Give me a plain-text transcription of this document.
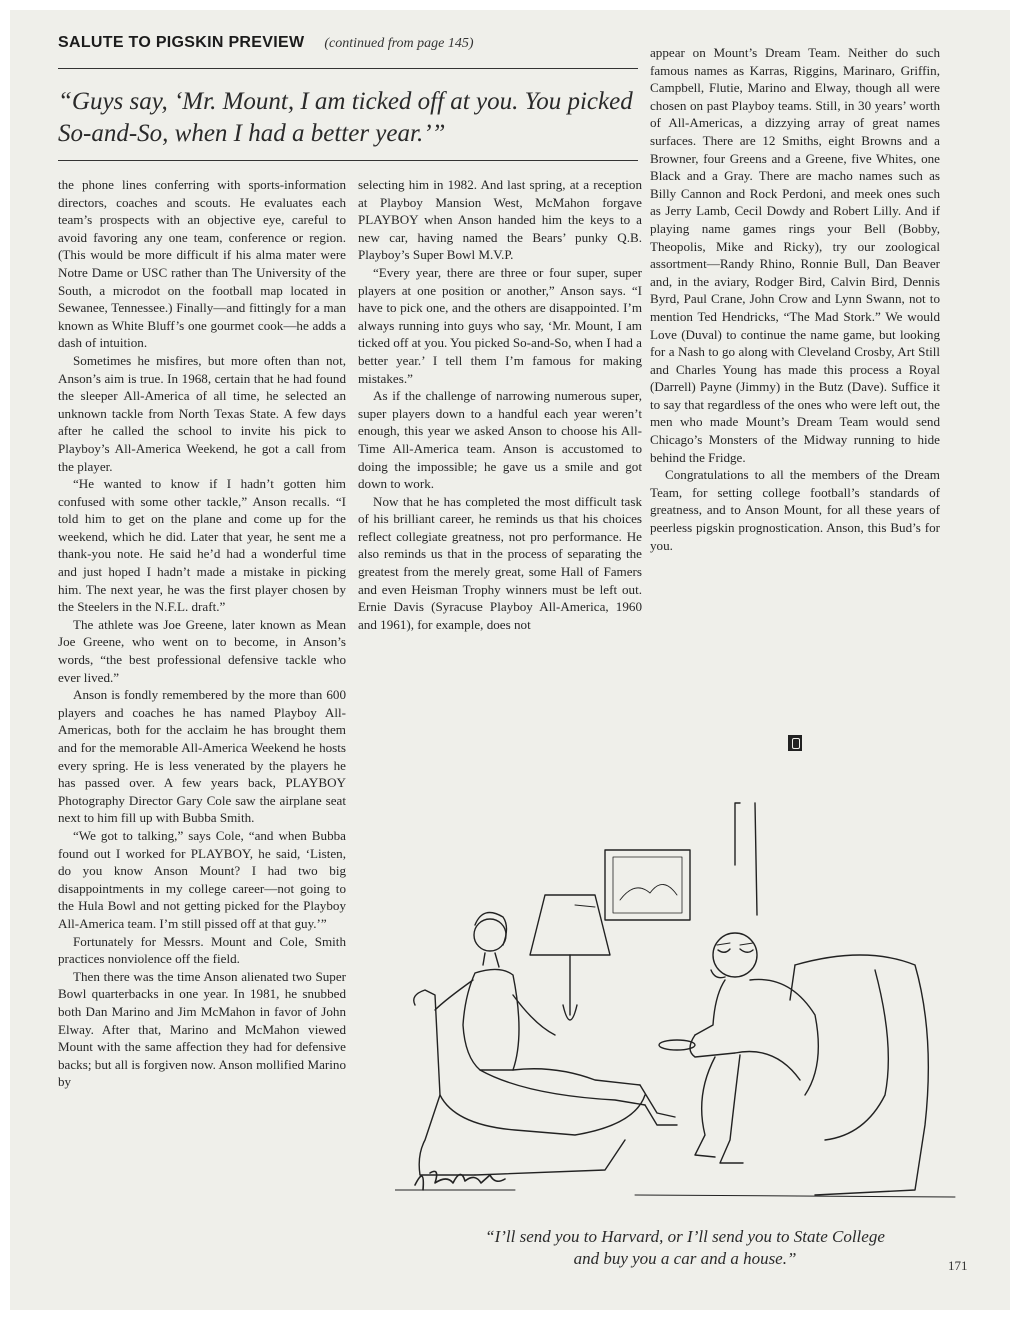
SALUTE TO PIGSKIN PREVIEW (continued from page 145)
“Guys say, ‘Mr. Mount, I am ticked off at you. You picked So-and-So, when I had a better year.’”

the phone lines conferring with sports-information directors, coaches and scouts. He evaluates each team’s prospects with an objective eye, careful to avoid favoring any one team, conference or region. (This would be more difficult if his alma mater were Notre Dame or USC rather than The University of the South, a microdot on the football map located in Sewanee, Tennessee.) Finally—and fittingly for a man known as White Bluff’s one gourmet cook—he adds a dash of intuition.

Sometimes he misfires, but more often than not, Anson’s aim is true. In 1968, certain that he had found the sleeper All-America of all time, he selected an unknown tackle from North Texas State. A few days after he called the school to invite his pick to Playboy’s All-America Weekend, he got a call from the player.

“He wanted to know if I hadn’t gotten him confused with some other tackle,” Anson recalls. “I told him to get on the plane and come up for the weekend, which he did. Later that year, he sent me a thank-you note. He said he’d had a wonderful time and just hoped I hadn’t made a mistake in picking him. The next year, he was the first player chosen by the Steelers in the N.F.L. draft.”

The athlete was Joe Greene, later known as Mean Joe Greene, who went on to become, in Anson’s words, “the best professional defensive tackle who ever lived.”

Anson is fondly remembered by the more than 600 players and coaches he has named Playboy All-Americas, both for the acclaim he has brought them and for the memorable All-America Weekend he hosts every spring. He is less venerated by the players he has passed over. A few years back, PLAYBOY Photography Director Gary Cole saw the airplane seat next to him fill up with Bubba Smith.

“We got to talking,” says Cole, “and when Bubba found out I worked for PLAYBOY, he said, ‘Listen, do you know Anson Mount? I had two big disappointments in my college career—not going to the Hula Bowl and not getting picked for the Playboy All-America team. I’m still pissed off at that guy.’”

Fortunately for Messrs. Mount and Cole, Smith practices nonviolence off the field.

Then there was the time Anson alienated two Super Bowl quarterbacks in one year. In 1981, he snubbed both Dan Marino and Jim McMahon in favor of John Elway. After that, Marino and McMahon viewed Mount with the same affection they had for defensive backs; but all is forgiven now. Anson mollified Marino by

selecting him in 1982. And last spring, at a reception at Playboy Mansion West, McMahon forgave PLAYBOY when Anson handed him the keys to a new car, having named the Bears’ punky Q.B. Playboy’s Super Bowl M.V.P.

“Every year, there are three or four super, super players at one position or another,” Anson says. “I have to pick one, and the others are disappointed. I’m always running into guys who say, ‘Mr. Mount, I am ticked off at you. You picked So-and-So, when I had a better year.’ I tell them I’m famous for making mistakes.”

As if the challenge of narrowing numerous super, super players down to a handful each year weren’t enough, this year we asked Anson to choose his All-Time All-America team. Anson is accustomed to doing the impossible; he gave us a smile and got down to work.

Now that he has completed the most difficult task of his brilliant career, he reminds us that his choices reflect collegiate greatness, not pro performance. He also reminds us that in the process of separating the greatest from the merely great, some Hall of Famers and even Heisman Trophy winners must be left out. Ernie Davis (Syracuse Playboy All-America, 1960 and 1961), for example, does not

appear on Mount’s Dream Team. Neither do such famous names as Karras, Riggins, Marinaro, Griffin, Campbell, Flutie, Marino and Elway, though all were chosen on past Playboy teams. Still, in 30 years’ worth of All-Americas, a dizzying array of great names surfaces. There are 12 Smiths, eight Browns and a Browner, four Greens and a Greene, five Whites, one Black and a Gray. There are macho names such as Billy Cannon and Rock Perdoni, and meek ones such as Jerry Lamb, Cecil Dowdy and Robert Lilly. And if playing name games rings your Bell (Bobby, Theopolis, Mike and Ricky), try our zoological assortment—Randy Rhino, Ronnie Bull, Dan Beaver and, in the aviary, Rodger Bird, Calvin Bird, Dennis Byrd, Paul Crane, John Crow and Lynn Swann, not to mention Ted Hendricks, “The Mad Stork.” We would Love (Duval) to continue the name game, but looking for a Nash to go along with Cleveland Crosby, Art Still and Charles Young has made this process a Royal (Darrell) Payne (Jimmy) in the Butz (Dave). Suffice it to say that regardless of the ones who were left out, the men who made Mount’s Dream Team would send Chicago’s Monsters of the Midway running to hide behind the Fridge.

Congratulations to all the members of the Dream Team, for setting college football’s standards of greatness, and to Anson Mount, for all these years of peerless pigskin prognostication. Anson, this Bud’s for you.

“I’ll send you to Harvard, or I’ll send you to State College
and buy you a car and a house.”	171
